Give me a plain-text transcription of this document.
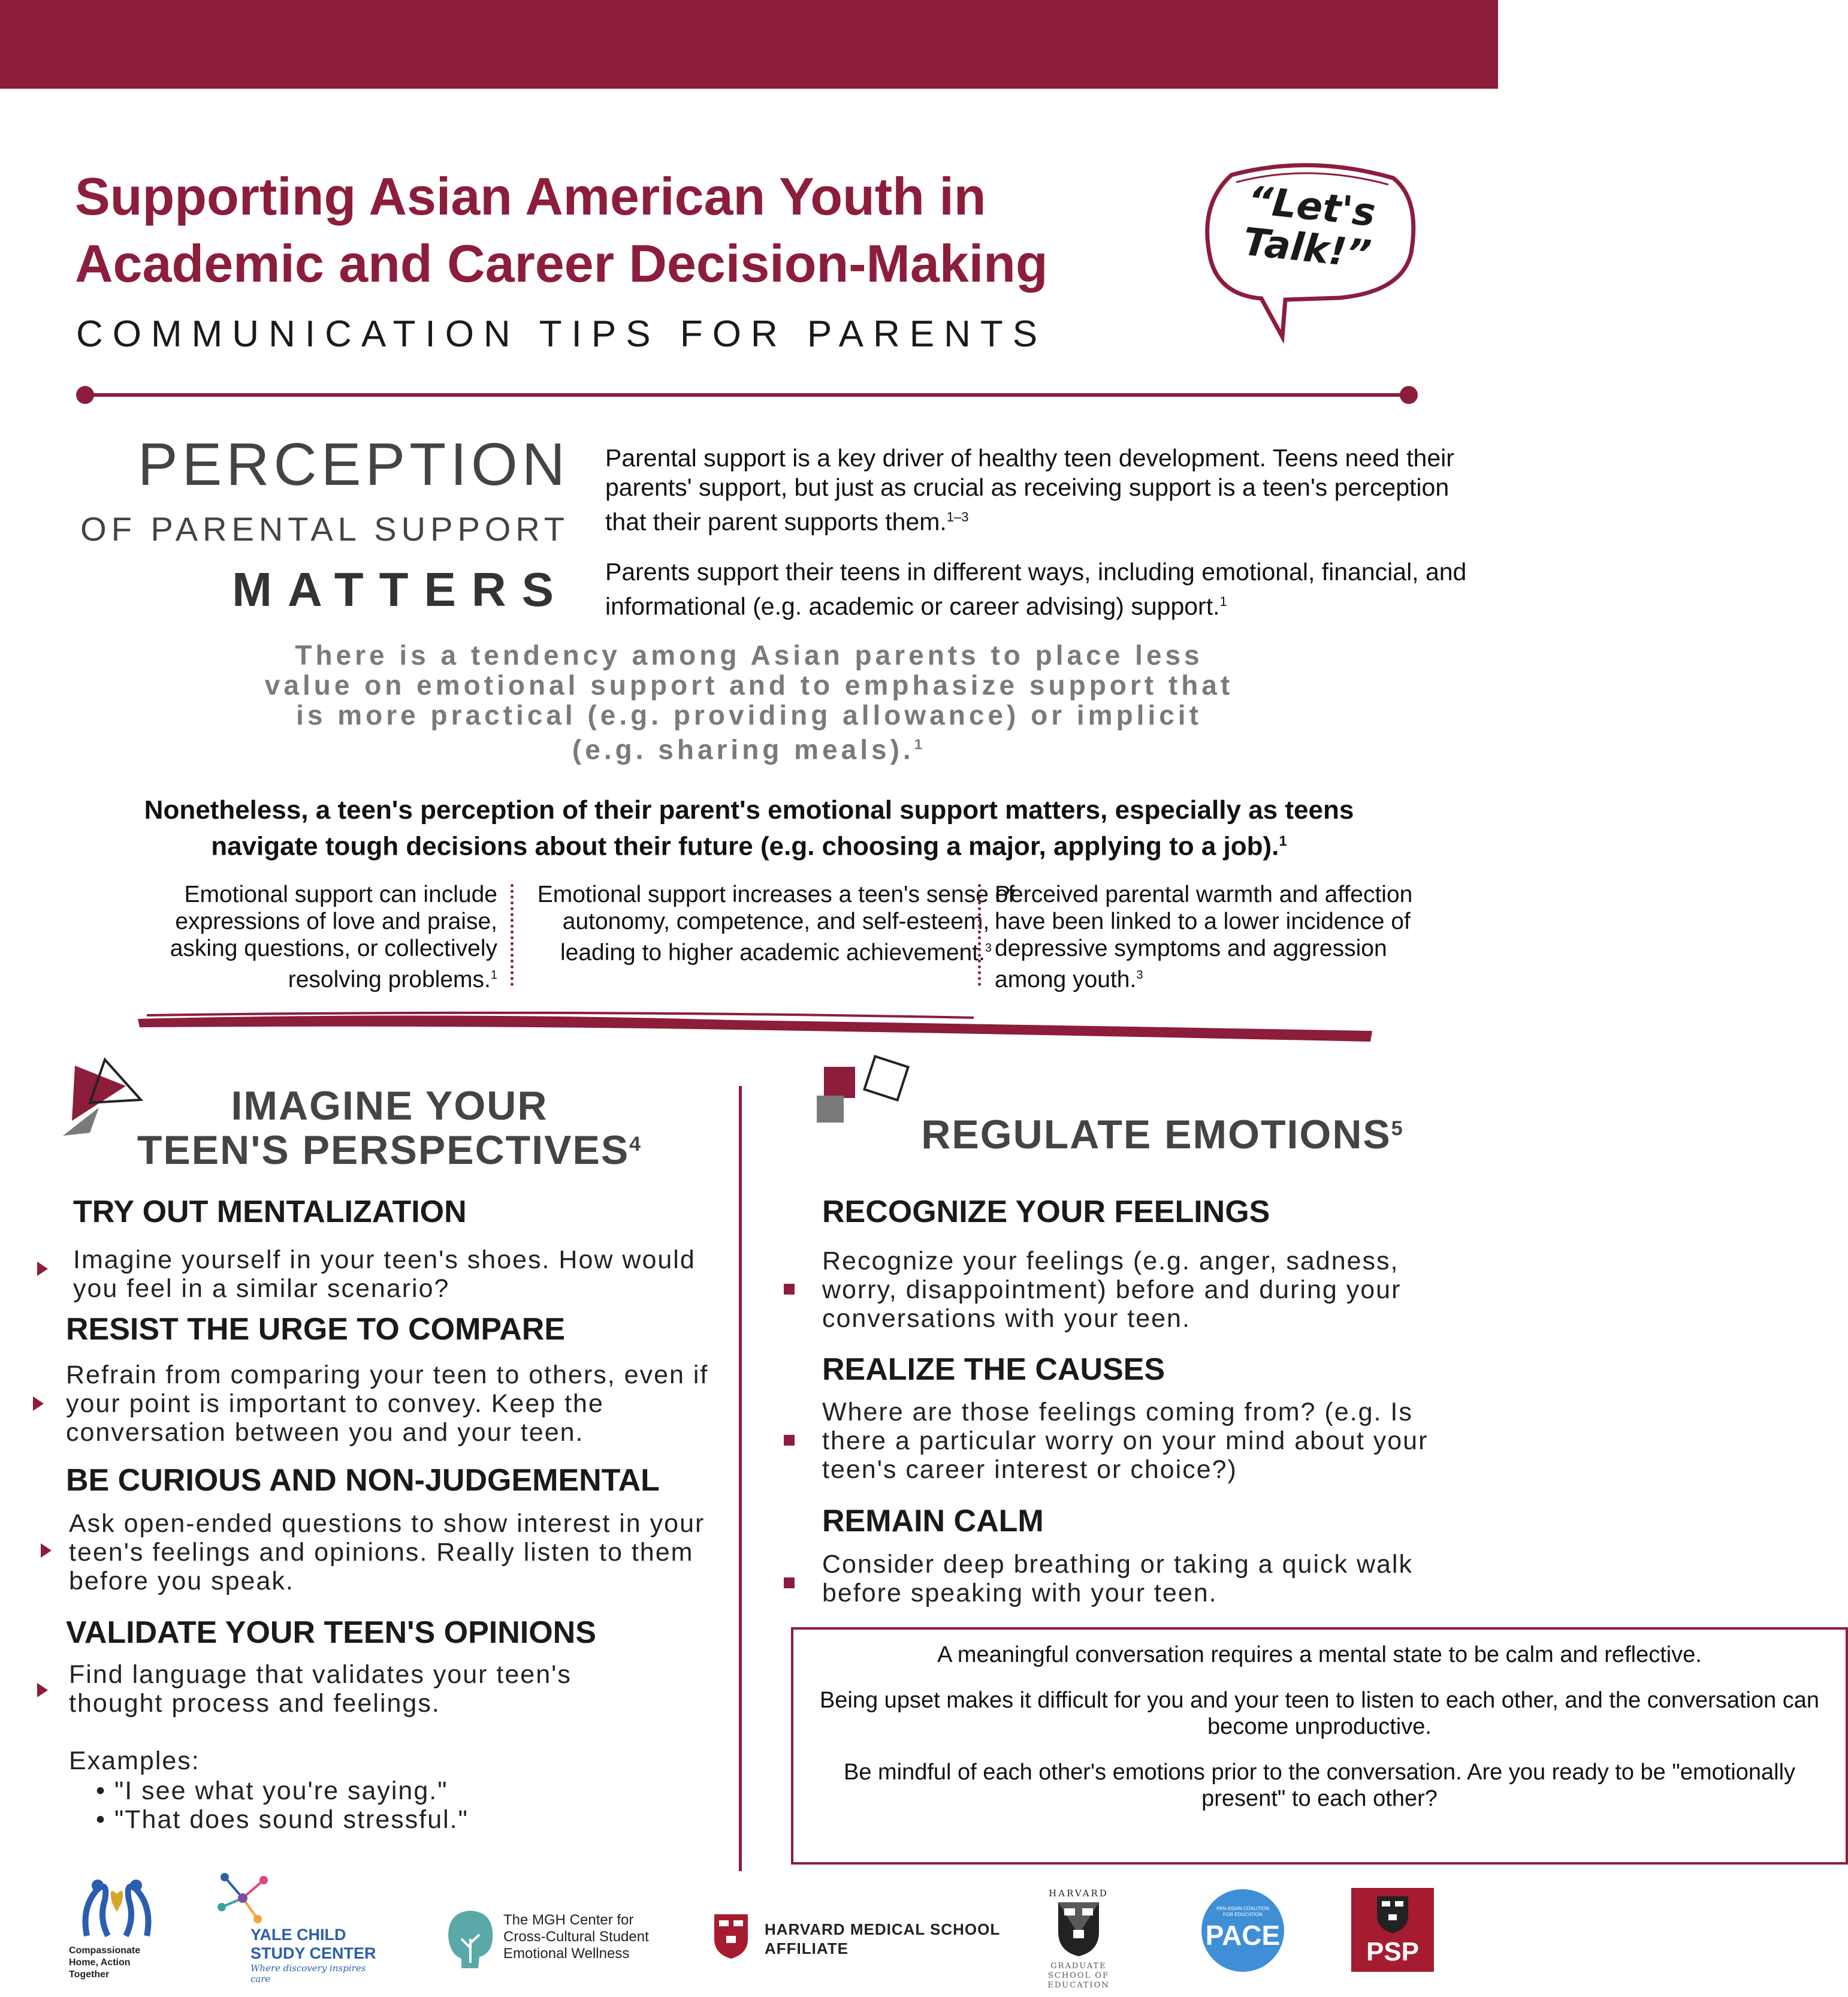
Supporting Asian American Youth in
Academic and Career Decision-Making
COMMUNICATION TIPS FOR PARENTS
“Let's
Talk!”
PERCEPTION
OF PARENTAL SUPPORT
MATTERS
Parental support is a key driver of healthy teen development. Teens need their parents' support, but just as crucial as receiving support is a teen's perception that their parent supports them.$^{1-3}$
Parents support their teens in different ways, including emotional, financial, and informational (e.g. academic or career advising) support.$^1$
There is a tendency among Asian parents to place less value on emotional support and to emphasize support that is more practical (e.g. providing allowance) or implicit (e.g. sharing meals).$^1$
Nonetheless, a teen's perception of their parent's emotional support matters, especially as teens navigate tough decisions about their future (e.g. choosing a major, applying to a job).$^1$
Emotional support can include expressions of love and praise, asking questions, or collectively resolving problems.$^1$
Emotional support increases a teen's sense of autonomy, competence, and self-esteem, leading to higher academic achievement.$^3$
Perceived parental warmth and affection have been linked to a lower incidence of depressive symptoms and aggression among youth.$^3$
IMAGINE YOUR
TEEN'S PERSPECTIVES$^4$
TRY OUT MENTALIZATION
Imagine yourself in your teen's shoes. How would you feel in a similar scenario?
RESIST THE URGE TO COMPARE
Refrain from comparing your teen to others, even if your point is important to convey. Keep the conversation between you and your teen.
BE CURIOUS AND NON-JUDGEMENTAL
Ask open-ended questions to show interest in your teen's feelings and opinions. Really listen to them before you speak.
VALIDATE YOUR TEEN'S OPINIONS
Find language that validates your teen's thought process and feelings.
Examples:
• "I see what you're saying."
• "That does sound stressful."
REGULATE EMOTIONS$^5$
RECOGNIZE YOUR FEELINGS
Recognize your feelings (e.g. anger, sadness, worry, disappointment) before and during your conversations with your teen.
REALIZE THE CAUSES
Where are those feelings coming from? (e.g. Is there a particular worry on your mind about your teen's career interest or choice?)
REMAIN CALM
Consider deep breathing or taking a quick walk before speaking with your teen.

A meaningful conversation requires a mental state to be calm and reflective.

Being upset makes it difficult for you and your teen to listen to each other, and the conversation can become unproductive.

Be mindful of each other's emotions prior to the conversation. Are you ready to be "emotionally present" to each other?

Compassionate Home, Action Together
YALE CHILD
STUDY CENTER
Where discovery inspires care
The MGH Center for
Cross-Cultural Student
Emotional Wellness
HARVARD MEDICAL SCHOOL
AFFILIATE
HARVARD
GRADUATE SCHOOL OF EDUCATION
PAN-ASIAN COALITION FOR EDUCATION
PACE
PSP
